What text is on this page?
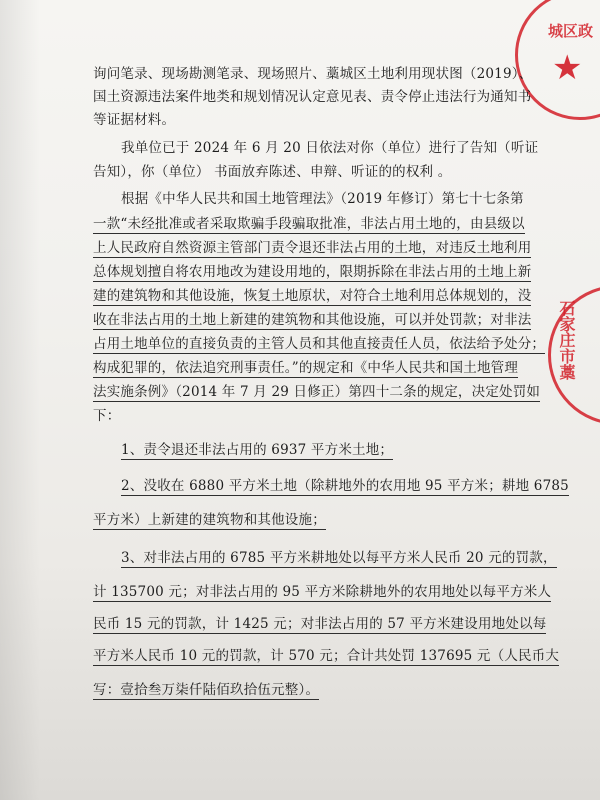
城区政
★
石家庄市藁
询问笔录、现场勘测笔录、现场照片、藁城区土地利用现状图（2019）、
国土资源违法案件地类和规划情况认定意见表、责令停止违法行为通知书
等证据材料。
我单位已于 2024 年 6 月 20 日依法对你（单位）进行了告知（听证
告知），你（单位） 书面放弃陈述、申辩、听证的的权利 。
根据《中华人民共和国土地管理法》（2019 年修订）第七十七条第
一款“未经批准或者采取欺骗手段骗取批准，非法占用土地的，由县级以
上人民政府自然资源主管部门责令退还非法占用的土地，对违反土地利用
总体规划擅自将农用地改为建设用地的，限期拆除在非法占用的土地上新
建的建筑物和其他设施，恢复土地原状，对符合土地利用总体规划的，没
收在非法占用的土地上新建的建筑物和其他设施，可以并处罚款；对非法
占用土地单位的直接负责的主管人员和其他直接责任人员，依法给予处分；
构成犯罪的，依法追究刑事责任。”的规定和《中华人民共和国土地管理
法实施条例》（2014 年 7 月 29 日修正）第四十二条的规定，决定处罚如
下：
1、责令退还非法占用的 6937 平方米土地；
2、没收在 6880 平方米土地（除耕地外的农用地 95 平方米；耕地 6785
平方米）上新建的建筑物和其他设施；
3、对非法占用的 6785 平方米耕地处以每平方米人民币 20 元的罚款，
计 135700 元；对非法占用的 95 平方米除耕地外的农用地处以每平方米人
民币 15 元的罚款，计 1425 元；对非法占用的 57 平方米建设用地处以每
平方米人民币 10 元的罚款，计 570 元；合计共处罚 137695 元（人民币大
写：壹拾叁万柒仟陆佰玖拾伍元整）。
